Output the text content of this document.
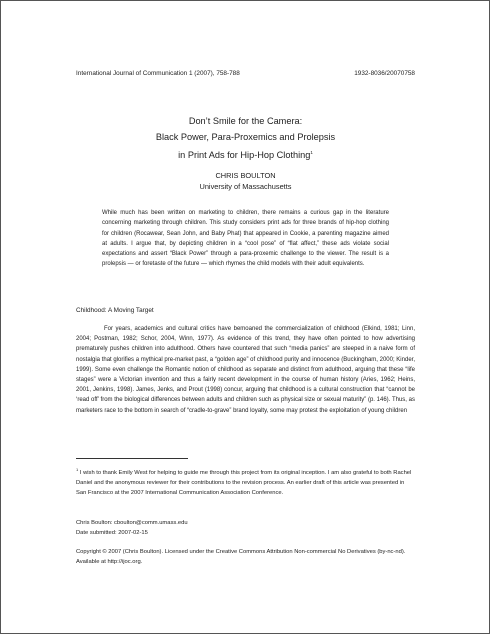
International Journal of Communication 1 (2007), 758-788	1932-8036/20070758
Don’t Smile for the Camera:
Black Power, Para-Proxemics and Prolepsis
in Print Ads for Hip-Hop Clothing$^1$
CHRIS BOULTON
University of Massachusetts
While much has been written on marketing to children, there remains a curious gap in the literature concerning marketing through children. This study considers print ads for three brands of hip-hop clothing for children (Rocawear, Sean John, and Baby Phat) that appeared in Cookie, a parenting magazine aimed at adults. I argue that, by depicting children in a “cool pose” of “flat affect,” these ads violate social expectations and assert “Black Power” through a para-proxemic challenge to the viewer. The result is a prolepsis — or foretaste of the future — which rhymes the child models with their adult equivalents.
Childhood: A Moving Target

For years, academics and cultural critics have bemoaned the commercialization of childhood (Elkind, 1981; Linn, 2004; Postman, 1982; Schor, 2004, Winn, 1977). As evidence of this trend, they have often pointed to how advertising prematurely pushes children into adulthood. Others have countered that such “media panics” are steeped in a naive form of nostalgia that glorifies a mythical pre-market past, a “golden age” of childhood purity and innocence (Buckingham, 2000; Kinder, 1999). Some even challenge the Romantic notion of childhood as separate and distinct from adulthood, arguing that these “life stages” were a Victorian invention and thus a fairly recent development in the course of human history (Aries, 1962; Heins, 2001, Jenkins, 1998). James, Jenks, and Prout (1998) concur, arguing that childhood is a cultural construction that “cannot be ‘read off’ from the biological differences between adults and children such as physical size or sexual maturity” (p. 146). Thus, as marketers race to the bottom in search of “cradle-to-grave” brand loyalty, some may protest the exploitation of young children

$^1$ I wish to thank Emily West for helping to guide me through this project from its original inception. I am also grateful to both Rachel Daniel and the anonymous reviewer for their contributions to the revision process. An earlier draft of this article was presented in San Francisco at the 2007 International Communication Association Conference.
Chris Boulton: cboulton@comm.umass.edu
Date submitted: 2007-02-15
Copyright © 2007 (Chris Boulton). Licensed under the Creative Commons Attribution Non-commercial No Derivatives (by-nc-nd). Available at http://ijoc.org.
